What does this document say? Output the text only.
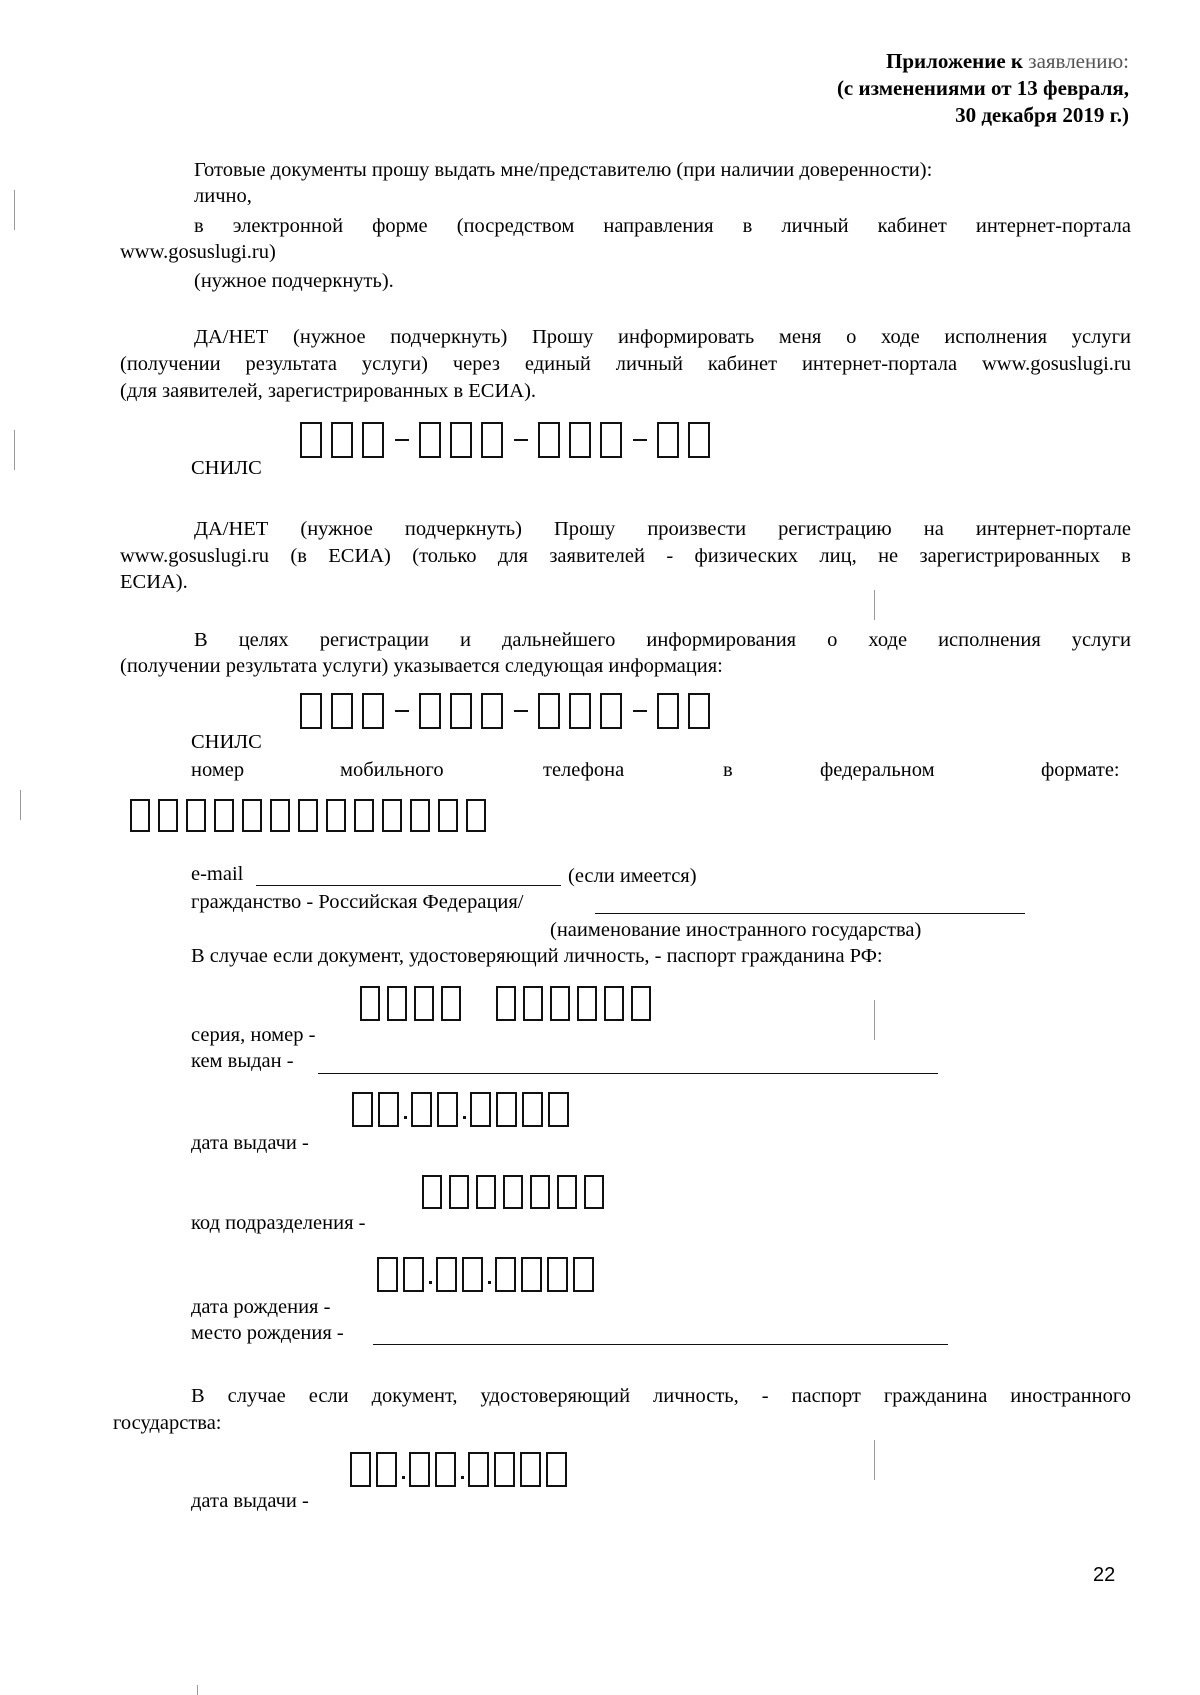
Приложение к заявлению:
(с изменениями от 13 февраля,
30 декабря 2019 г.)
Готовые документы прошу выдать мне/представителю (при наличии доверенности):
лично,
в электронной форме (посредством направления в личный кабинет интернет-портала
www.gosuslugi.ru)
(нужное подчеркнуть).
ДА/НЕТ (нужное подчеркнуть) Прошу информировать меня о ходе исполнения услуги
(получении результата услуги) через единый личный кабинет интернет-портала www.gosuslugi.ru
(для заявителей, зарегистрированных в ЕСИА).
СНИЛС
ДА/НЕТ (нужное подчеркнуть) Прошу произвести регистрацию на интернет-портале
www.gosuslugi.ru (в ЕСИА) (только для заявителей - физических лиц, не зарегистрированных в
ЕСИА).
В целях регистрации и дальнейшего информирования о ходе исполнения услуги
(получении результата услуги) указывается следующая информация:
СНИЛС
номер	мобильного	телефона	в	федеральном	формате:
e-mail	(если имеется)
гражданство - Российская Федерация/
(наименование иностранного государства)
В случае если документ, удостоверяющий личность, - паспорт гражданина РФ:
серия, номер -
кем выдан -
дата выдачи -
код подразделения -
дата рождения -
место рождения -
В случае если документ, удостоверяющий личность, - паспорт гражданина иностранного
государства:
дата выдачи -
22
